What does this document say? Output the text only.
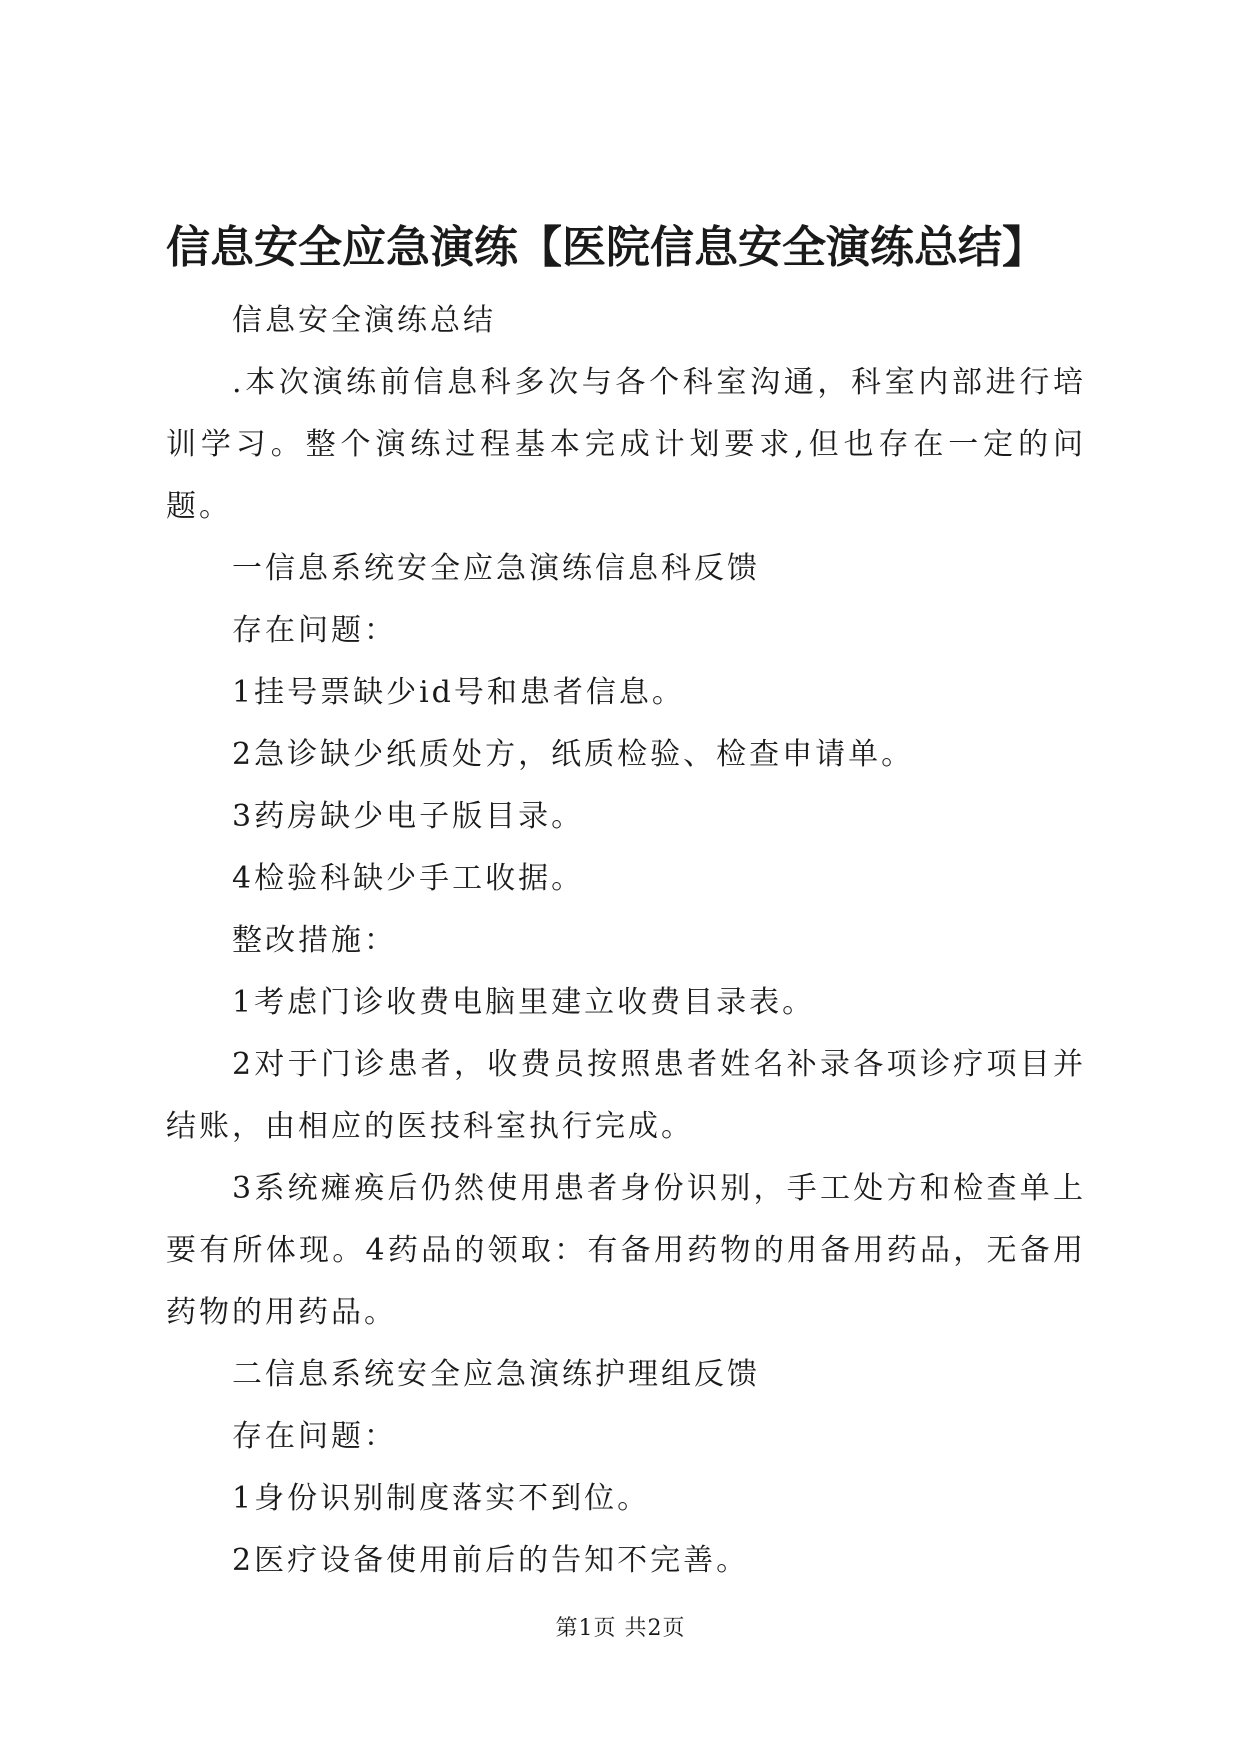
信息安全应急演练【医院信息安全演练总结】

信息安全演练总结

.本次演练前信息科多次与各个科室沟通，科室内部进行培训学习。整个演练过程基本完成计划要求,但也存在一定的问题。

一信息系统安全应急演练信息科反馈

存在问题：

1挂号票缺少id号和患者信息。

2急诊缺少纸质处方，纸质检验、检查申请单。

3药房缺少电子版目录。

4检验科缺少手工收据。

整改措施：

1考虑门诊收费电脑里建立收费目录表。

2对于门诊患者，收费员按照患者姓名补录各项诊疗项目并结账，由相应的医技科室执行完成。

3系统瘫痪后仍然使用患者身份识别，手工处方和检查单上要有所体现。4药品的领取：有备用药物的用备用药品，无备用药物的用药品。

二信息系统安全应急演练护理组反馈

存在问题：

1身份识别制度落实不到位。

2医疗设备使用前后的告知不完善。

第1页 共2页
